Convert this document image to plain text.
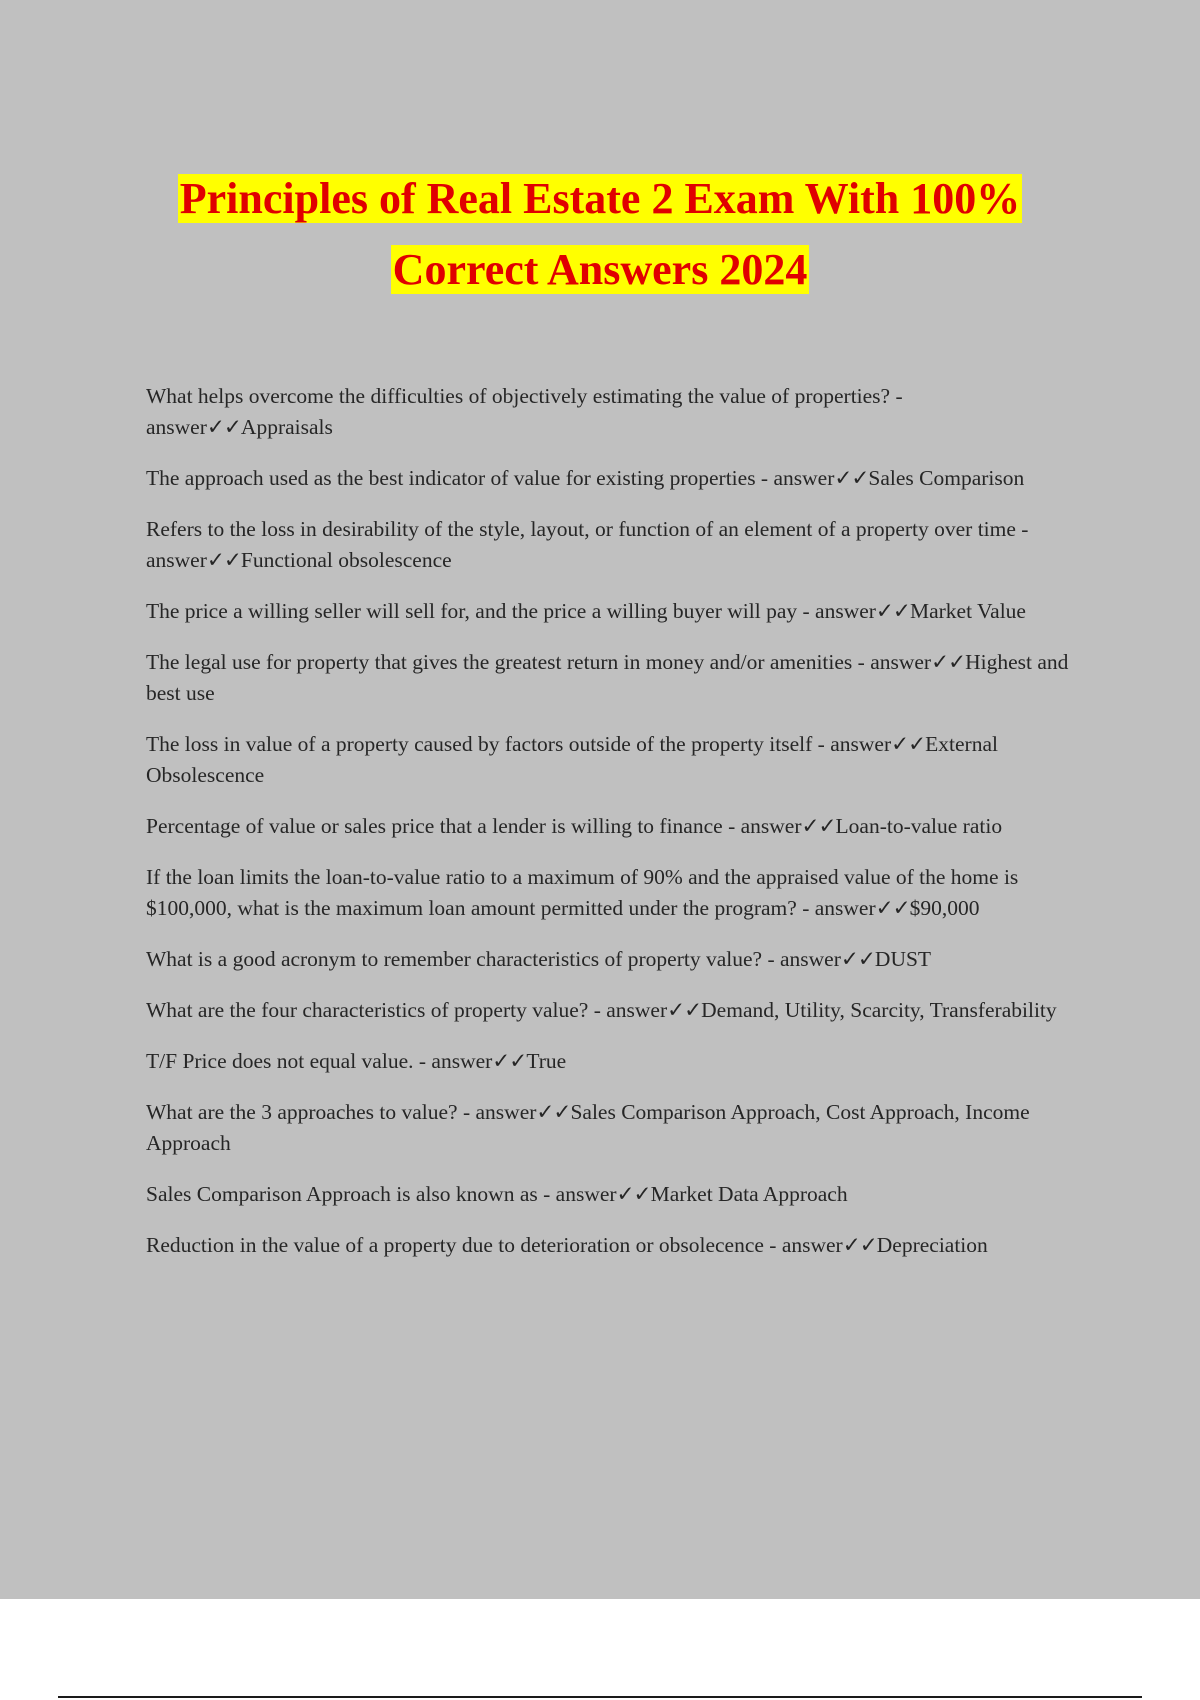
Principles of Real Estate 2 Exam With 100%
Correct Answers 2024
What helps overcome the difficulties of objectively estimating the value of properties? - answer✓✓Appraisals
The approach used as the best indicator of value for existing properties - answer✓✓Sales Comparison
Refers to the loss in desirability of the style, layout, or function of an element of a property over time - answer✓✓Functional obsolescence
The price a willing seller will sell for, and the price a willing buyer will pay - answer✓✓Market Value
The legal use for property that gives the greatest return in money and/or amenities - answer✓✓Highest and best use
The loss in value of a property caused by factors outside of the property itself - answer✓✓External Obsolescence
Percentage of value or sales price that a lender is willing to finance - answer✓✓Loan-to-value ratio
If the loan limits the loan-to-value ratio to a maximum of 90% and the appraised value of the home is $100,000, what is the maximum loan amount permitted under the program? - answer✓✓$90,000
What is a good acronym to remember characteristics of property value? - answer✓✓DUST
What are the four characteristics of property value? - answer✓✓Demand, Utility, Scarcity, Transferability
T/F Price does not equal value. - answer✓✓True
What are the 3 approaches to value? - answer✓✓Sales Comparison Approach, Cost Approach, Income Approach
Sales Comparison Approach is also known as - answer✓✓Market Data Approach
Reduction in the value of a property due to deterioration or obsolecence - answer✓✓Depreciation
